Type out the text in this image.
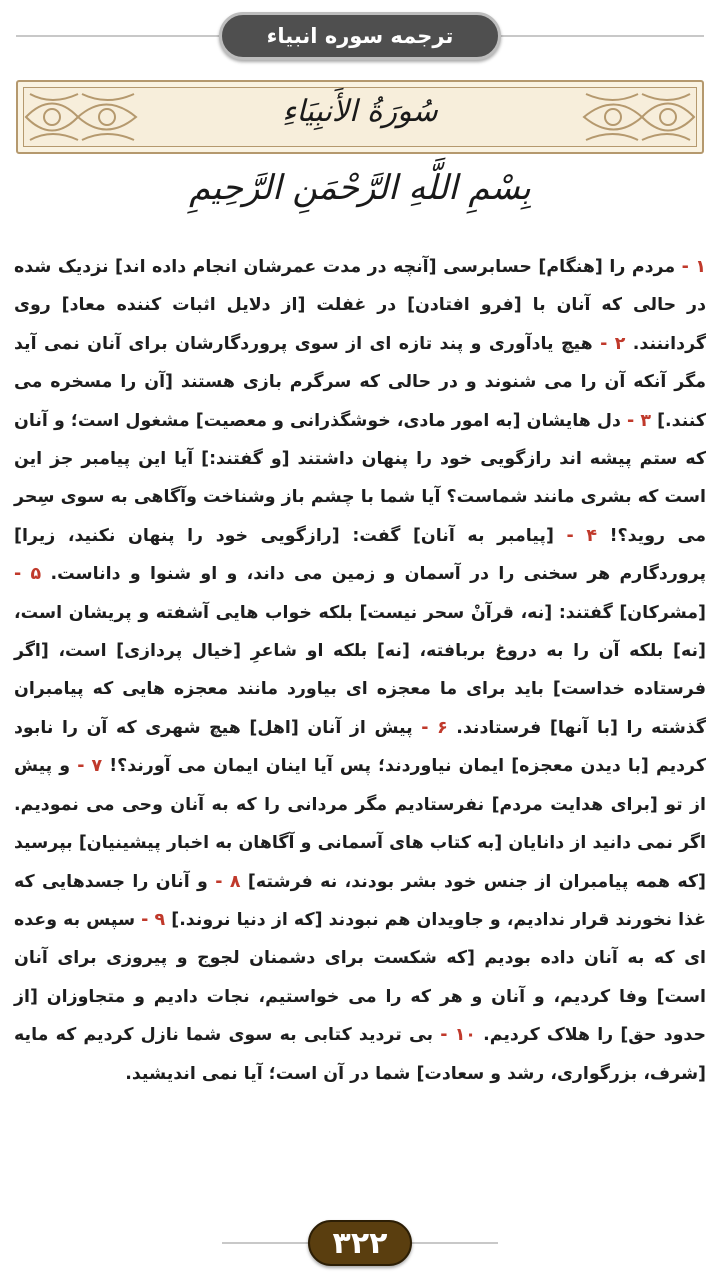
ترجمه سوره انبیاء
سُورَةُ الأَنبِيَاءِ
بِسْمِ اللَّهِ الرَّحْمَنِ الرَّحِيمِ
۱ - مردم را [هنگام] حسابرسی [آنچه در مدت عمرشان انجام داده اند] نزدیک شده در حالی که آنان با [فرو افتادن] در غفلت [از دلایل اثبات کننده معاد] روی گرداننند. ۲ - هیچ یادآوری و پند تازه ای از سوی پروردگارشان برای آنان نمی آید مگر آنکه آن را می شنوند و در حالی که سرگرم بازی هستند [آن را مسخره می کنند.] ۳ - دل هایشان [به امور مادی، خوشگذرانی و معصیت] مشغول است؛ و آنان که ستم پیشه اند رازگویی خود را پنهان داشتند [و گفتند:] آیا این پیامبر جز این است که بشری مانند شماست؟ آیا شما با چشم باز وشناخت وآگاهی به سوی سِحر می روید؟! ۴ - [پیامبر به آنان] گفت: [رازگویی خود را پنهان نکنید، زیرا] پروردگارم هر سخنی را در آسمان و زمین می داند، و او شنوا و داناست. ۵ - [مشرکان] گفتند: [نه، قرآنْ سحر نیست] بلکه خواب هایی آشفته و پریشان است، [نه] بلکه آن را به دروغ بربافته، [نه] بلکه او شاعرِ [خیال پردازی] است، [اگر فرستاده خداست] باید برای ما معجزه ای بیاورد مانند معجزه هایی که پیامبران گذشته را [با آنها] فرستادند. ۶ - پیش از آنان [اهل] هیچ شهری که آن را نابود کردیم [با دیدن معجزه] ایمان نیاوردند؛ پس آیا اینان ایمان می آورند؟! ۷ - و پیش از تو [برای هدایت مردم] نفرستادیم مگر مردانی را که به آنان وحی می نمودیم. اگر نمی دانید از دانایان [به کتاب های آسمانی و آگاهان به اخبار پیشینیان] بپرسید [که همه پیامبران از جنس خود بشر بودند، نه فرشته] ۸ - و آنان را جسدهایی که غذا نخورند قرار ندادیم، و جاویدان هم نبودند [که از دنیا نروند.] ۹ - سپس به وعده ای که به آنان داده بودیم [که شکست برای دشمنان لجوج و پیروزی برای آنان است] وفا کردیم، و آنان و هر که را می خواستیم، نجات دادیم و متجاوزان [از حدود حق] را هلاک کردیم. ۱۰ - بی تردید کتابی به سوی شما نازل کردیم که مایه [شرف، بزرگواری، رشد و سعادت] شما در آن است؛ آیا نمی اندیشید.
۳۲۲
